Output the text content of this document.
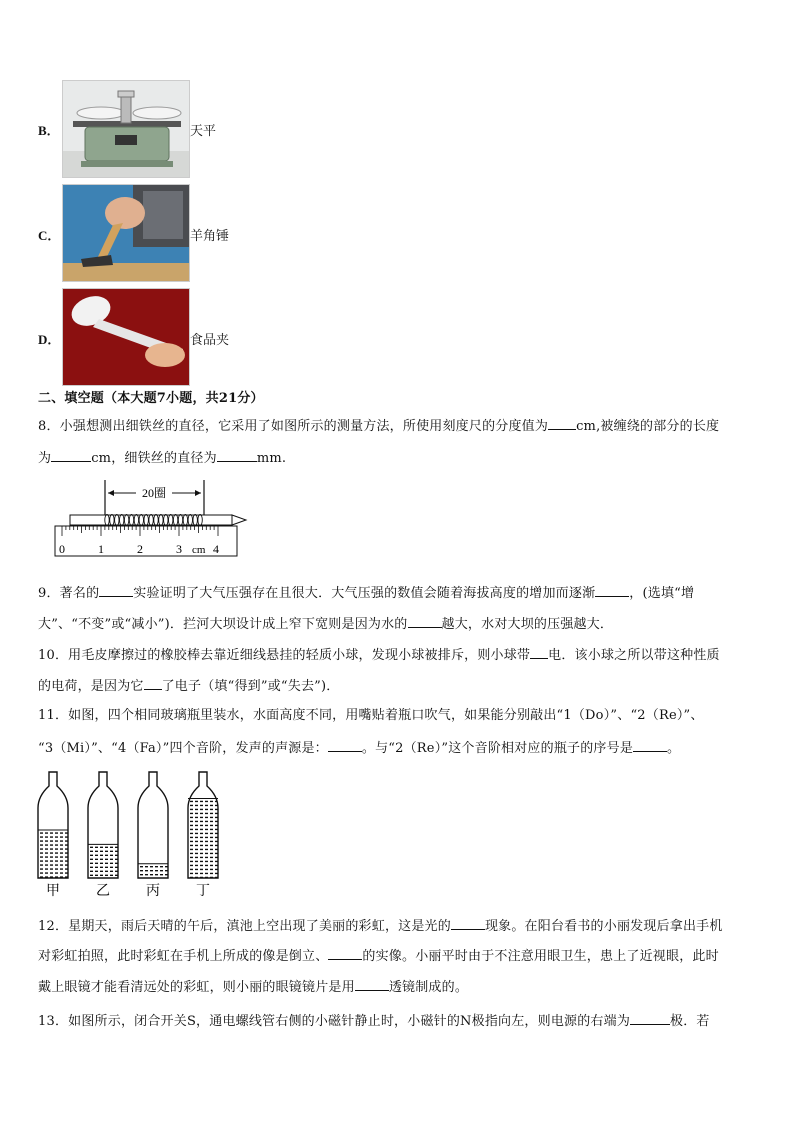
B．	天平
C．	羊角锤
D．	食品夹
二、填空题（本大题7小题，共21分）
8．小强想测出细铁丝的直径，它采用了如图所示的测量方法，所使用刻度尺的分度值为 cm,被缠绕的部分的长度
为	cm，细铁丝的直径为	mm.
20圈
0	1	2	3	4
cm
9．著名的	实验证明了大气压强存在且很大．大气压强的数值会随着海拔高度的增加而逐渐	，(选填“增
大”、“不变”或“减小”)．拦河大坝设计成上窄下宽则是因为水的	越大，水对大坝的压强越大．
10．用毛皮摩擦过的橡胶棒去靠近细线悬挂的轻质小球，发现小球被排斥，则小球带 电．该小球之所以带这种性质
的电荷，是因为它 了电子（填“得到”或“失去”)．
11．如图，四个相同玻璃瓶里装水，水面高度不同，用嘴贴着瓶口吹气，如果能分别敲出“1（Do）”、“2（Re）”、
“3（Mi）”、“4（Fa）”四个音阶，发声的声源是：	。与“2（Re）”这个音阶相对应的瓶子的序号是	。
甲	乙	丙	丁
12．星期天，雨后天晴的午后，滇池上空出现了美丽的彩虹，这是光的	现象。在阳台看书的小丽发现后拿出手机
对彩虹拍照，此时彩虹在手机上所成的像是倒立、	的实像。小丽平时由于不注意用眼卫生，患上了近视眼，此时
戴上眼镜才能看清远处的彩虹，则小丽的眼镜镜片是用	透镜制成的。
13．如图所示，闭合开关S，通电螺线管右侧的小磁针静止时，小磁针的N极指向左，则电源的右端为	极．若
